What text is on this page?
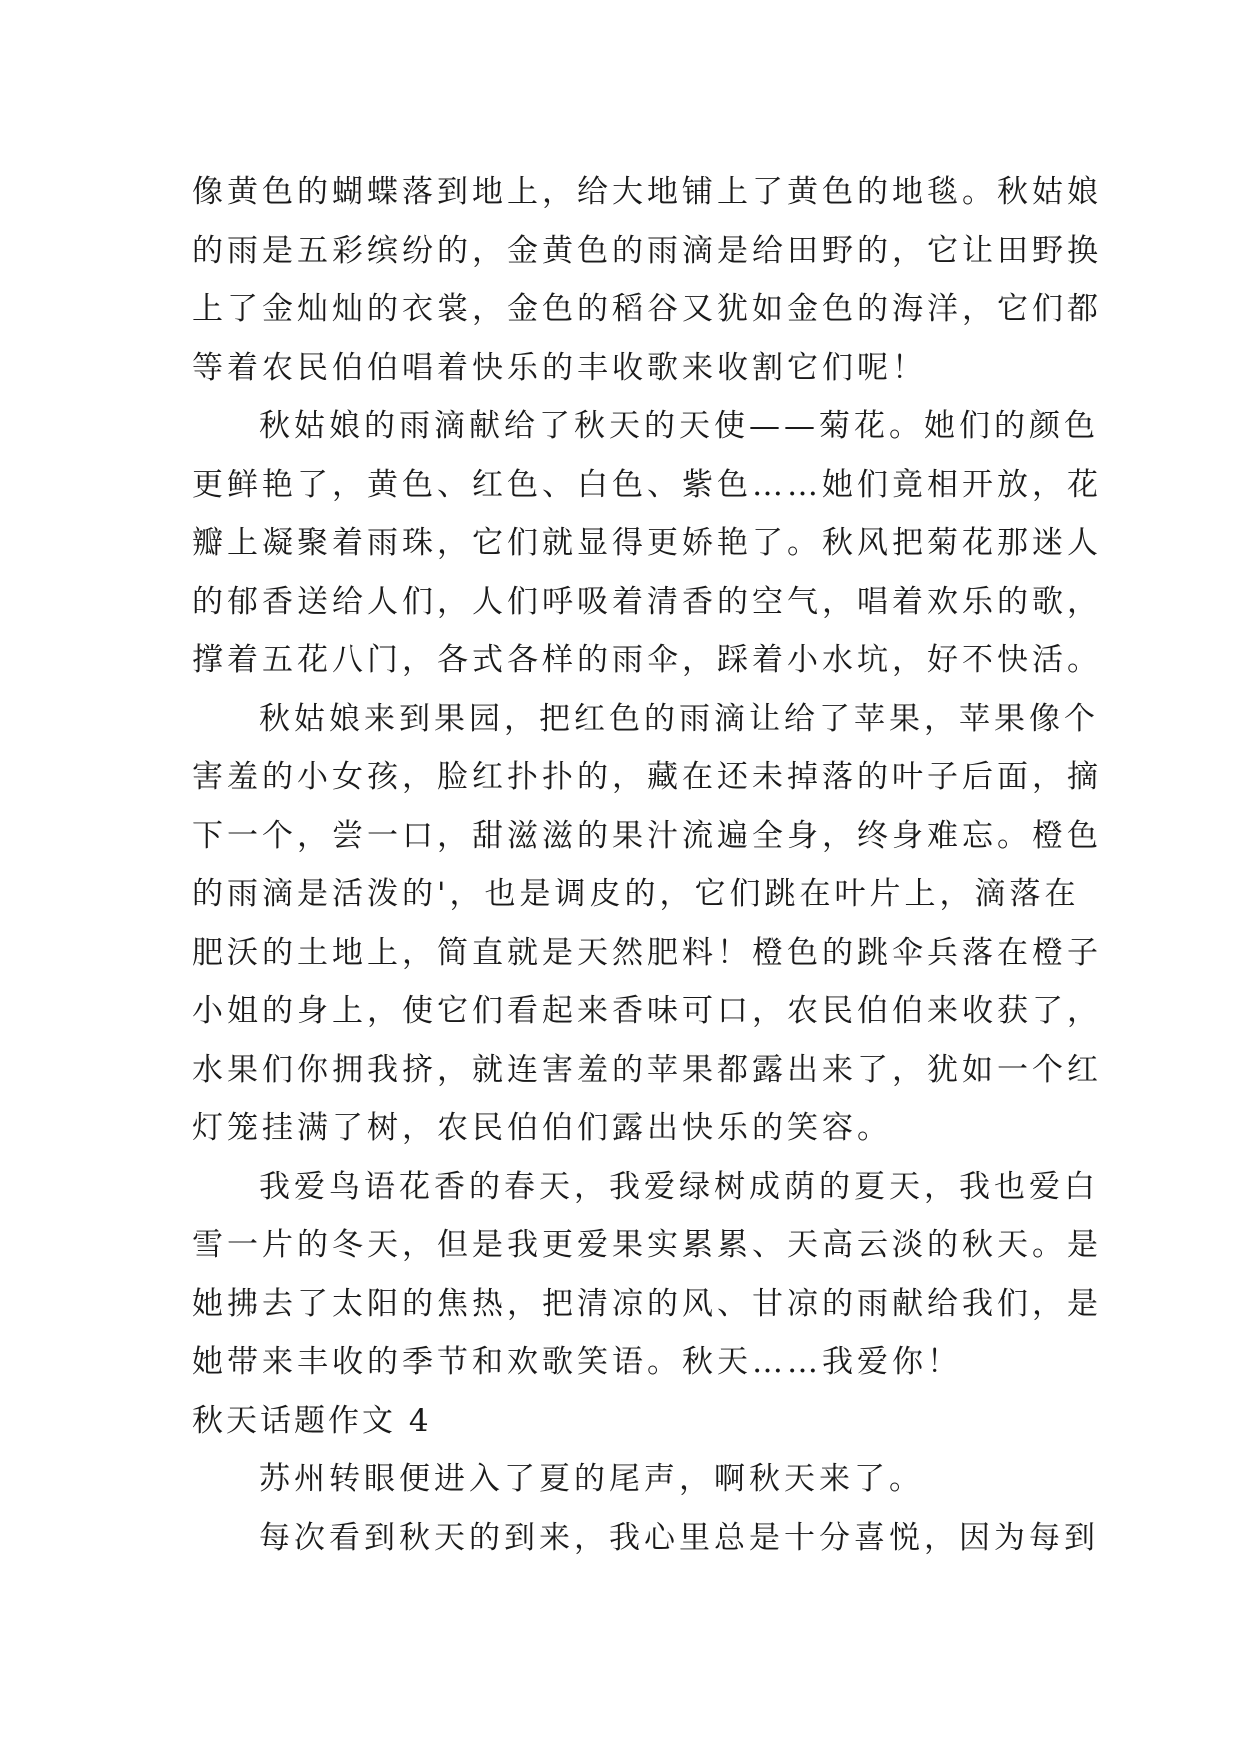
像黄色的蝴蝶落到地上，给大地铺上了黄色的地毯。秋姑娘
的雨是五彩缤纷的，金黄色的雨滴是给田野的，它让田野换
上了金灿灿的衣裳，金色的稻谷又犹如金色的海洋，它们都
等着农民伯伯唱着快乐的丰收歌来收割它们呢！
秋姑娘的雨滴献给了秋天的天使——菊花。她们的颜色
更鲜艳了，黄色、红色、白色、紫色……她们竟相开放，花
瓣上凝聚着雨珠，它们就显得更娇艳了。秋风把菊花那迷人
的郁香送给人们，人们呼吸着清香的空气，唱着欢乐的歌，
撑着五花八门，各式各样的雨伞，踩着小水坑，好不快活。
秋姑娘来到果园，把红色的雨滴让给了苹果，苹果像个
害羞的小女孩，脸红扑扑的，藏在还未掉落的叶子后面，摘
下一个，尝一口，甜滋滋的果汁流遍全身，终身难忘。橙色
的雨滴是活泼的'，也是调皮的，它们跳在叶片上，滴落在
肥沃的土地上，简直就是天然肥料！橙色的跳伞兵落在橙子
小姐的身上，使它们看起来香味可口，农民伯伯来收获了，
水果们你拥我挤，就连害羞的苹果都露出来了，犹如一个红
灯笼挂满了树，农民伯伯们露出快乐的笑容。
我爱鸟语花香的春天，我爱绿树成荫的夏天，我也爱白
雪一片的冬天，但是我更爱果实累累、天高云淡的秋天。是
她拂去了太阳的焦热，把清凉的风、甘凉的雨献给我们，是
她带来丰收的季节和欢歌笑语。秋天……我爱你！
秋天话题作文 4
苏州转眼便进入了夏的尾声，啊秋天来了。
每次看到秋天的到来，我心里总是十分喜悦，因为每到
